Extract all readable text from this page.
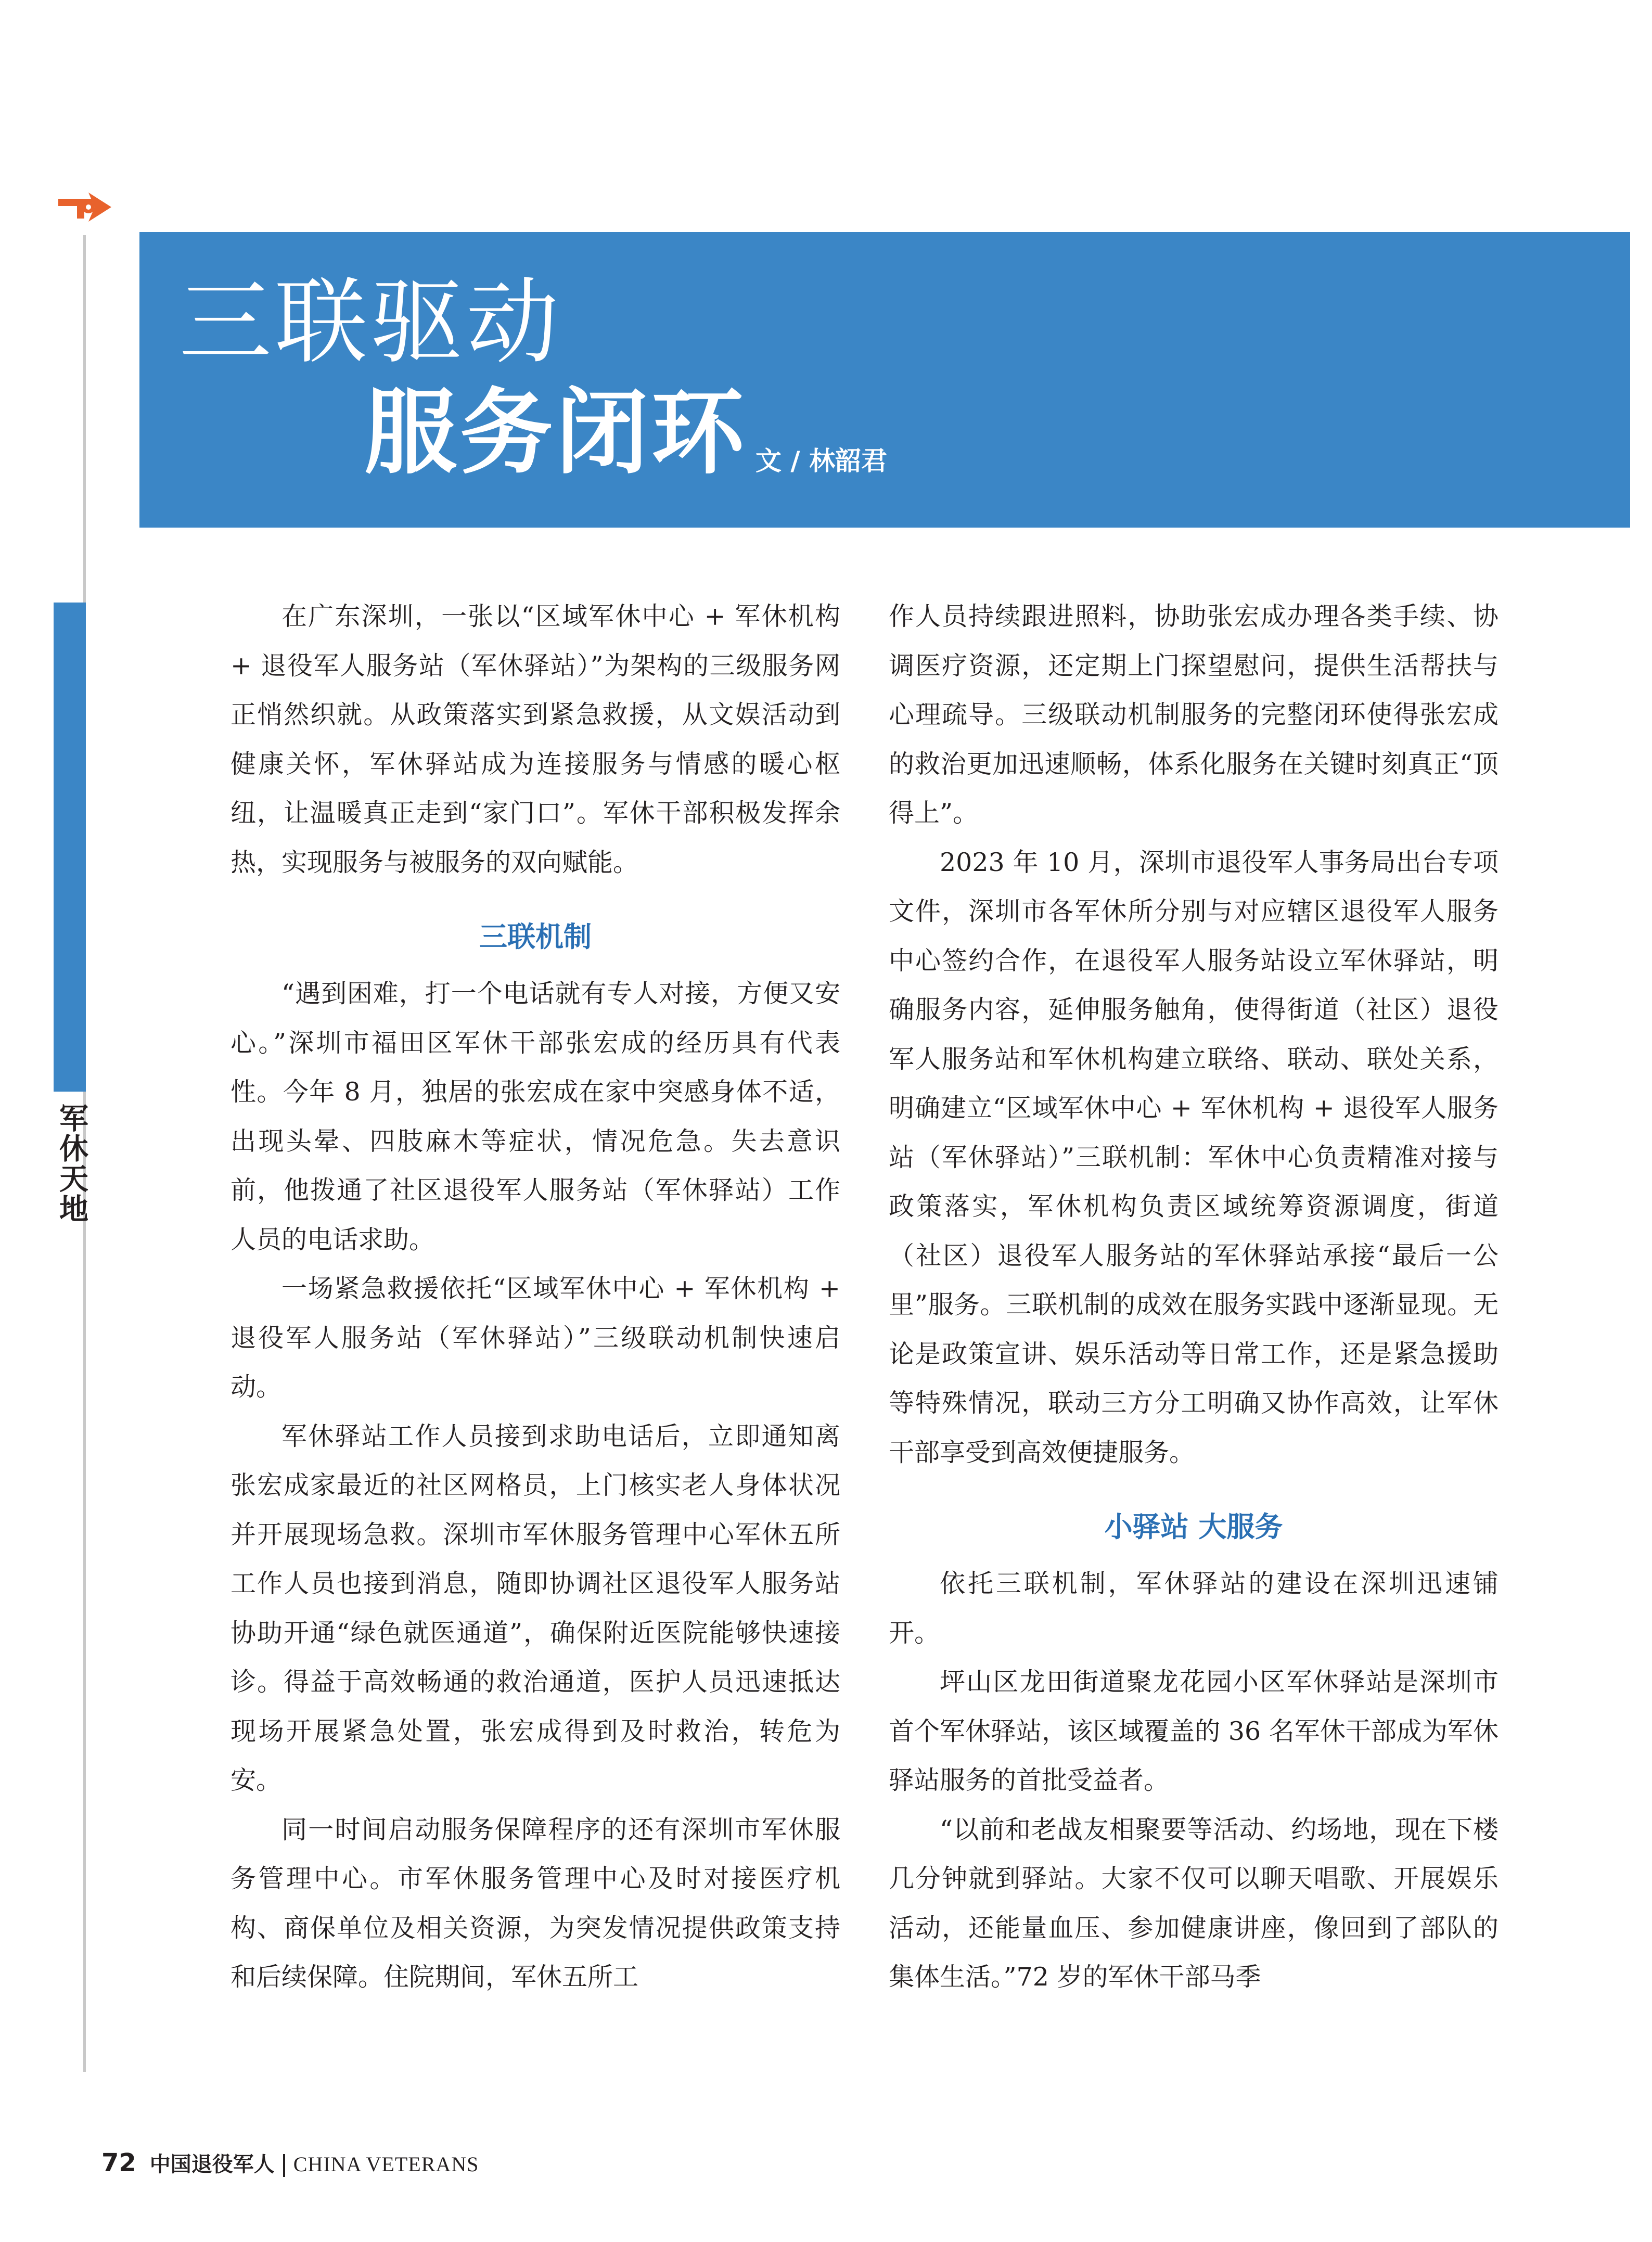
军休天地
三联驱动
服务闭环 文 / 林韶君

在广东深圳，一张以“区域军休中心 + 军休机构 + 退役军人服务站（军休驿站）”为架构的三级服务网正悄然织就。从政策落实到紧急救援，从文娱活动到健康关怀，军休驿站成为连接服务与情感的暖心枢纽，让温暖真正走到“家门口”。军休干部积极发挥余热，实现服务与被服务的双向赋能。

三联机制

“遇到困难，打一个电话就有专人对接，方便又安心。”深圳市福田区军休干部张宏成的经历具有代表性。今年 8 月，独居的张宏成在家中突感身体不适，出现头晕、四肢麻木等症状，情况危急。失去意识前，他拨通了社区退役军人服务站（军休驿站）工作人员的电话求助。

一场紧急救援依托“区域军休中心 + 军休机构 + 退役军人服务站（军休驿站）”三级联动机制快速启动。

军休驿站工作人员接到求助电话后，立即通知离张宏成家最近的社区网格员，上门核实老人身体状况并开展现场急救。深圳市军休服务管理中心军休五所工作人员也接到消息，随即协调社区退役军人服务站协助开通“绿色就医通道”，确保附近医院能够快速接诊。得益于高效畅通的救治通道，医护人员迅速抵达现场开展紧急处置，张宏成得到及时救治，转危为安。

同一时间启动服务保障程序的还有深圳市军休服务管理中心。市军休服务管理中心及时对接医疗机构、商保单位及相关资源，为突发情况提供政策支持和后续保障。住院期间，军休五所工

作人员持续跟进照料，协助张宏成办理各类手续、协调医疗资源，还定期上门探望慰问，提供生活帮扶与心理疏导。三级联动机制服务的完整闭环使得张宏成的救治更加迅速顺畅，体系化服务在关键时刻真正“顶得上”。

2023 年 10 月，深圳市退役军人事务局出台专项文件，深圳市各军休所分别与对应辖区退役军人服务中心签约合作，在退役军人服务站设立军休驿站，明确服务内容，延伸服务触角，使得街道（社区）退役军人服务站和军休机构建立联络、联动、联处关系，明确建立“区域军休中心 + 军休机构 + 退役军人服务站（军休驿站）”三联机制：军休中心负责精准对接与政策落实，军休机构负责区域统筹资源调度，街道（社区）退役军人服务站的军休驿站承接“最后一公里”服务。三联机制的成效在服务实践中逐渐显现。无论是政策宣讲、娱乐活动等日常工作，还是紧急援助等特殊情况，联动三方分工明确又协作高效，让军休干部享受到高效便捷服务。

小驿站 大服务

依托三联机制，军休驿站的建设在深圳迅速铺开。

坪山区龙田街道聚龙花园小区军休驿站是深圳市首个军休驿站，该区域覆盖的 36 名军休干部成为军休驿站服务的首批受益者。

“以前和老战友相聚要等活动、约场地，现在下楼几分钟就到驿站。大家不仅可以聊天唱歌、开展娱乐活动，还能量血压、参加健康讲座，像回到了部队的集体生活。”72 岁的军休干部马季

72 中国退役军人 CHINA VETERANS
